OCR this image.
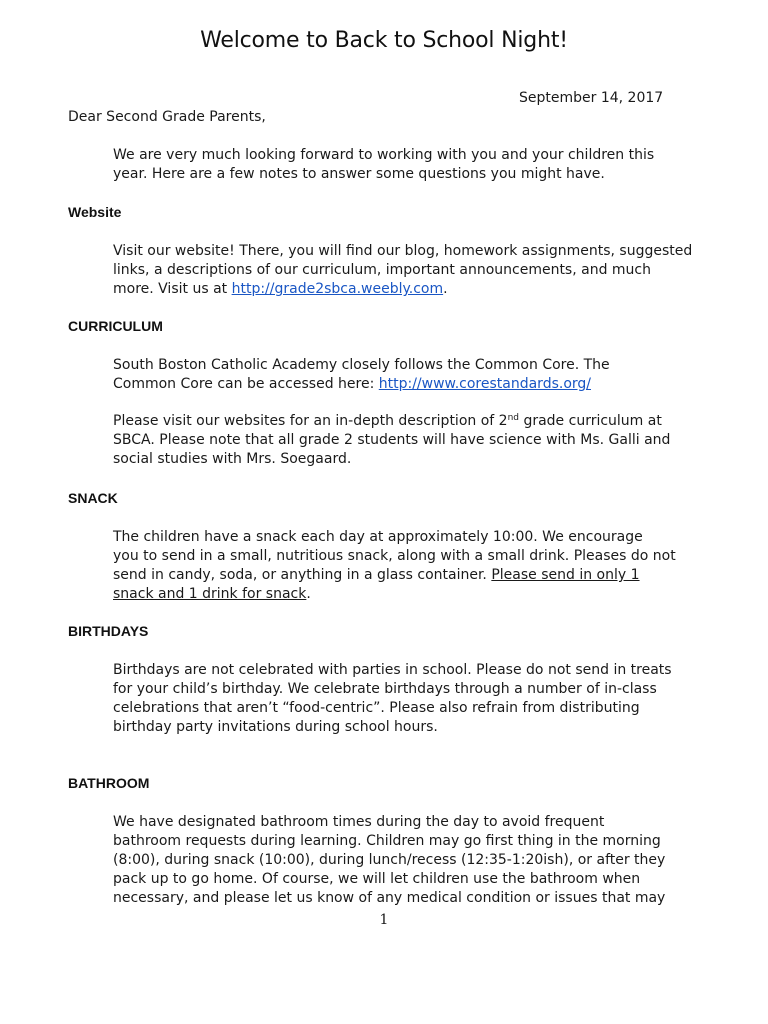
Welcome to Back to School Night!
September 14, 2017
Dear Second Grade Parents,
We are very much looking forward to working with you and your children this
year. Here are a few notes to answer some questions you might have.
Website
Visit our website! There, you will find our blog, homework assignments, suggested
links, a descriptions of our curriculum, important announcements, and much
more. Visit us at http://grade2sbca.weebly.com.
CURRICULUM
South Boston Catholic Academy closely follows the Common Core. The
Common Core can be accessed here: http://www.corestandards.org/
Please visit our websites for an in-depth description of 2nd grade curriculum at
SBCA. Please note that all grade 2 students will have science with Ms. Galli and
social studies with Mrs. Soegaard.
SNACK
The children have a snack each day at approximately 10:00. We encourage
you to send in a small, nutritious snack, along with a small drink. Pleases do not
send in candy, soda, or anything in a glass container. Please send in only 1
snack and 1 drink for snack.
BIRTHDAYS
Birthdays are not celebrated with parties in school. Please do not send in treats
for your child’s birthday. We celebrate birthdays through a number of in-class
celebrations that aren’t “food-centric”. Please also refrain from distributing
birthday party invitations during school hours.
BATHROOM
We have designated bathroom times during the day to avoid frequent
bathroom requests during learning. Children may go first thing in the morning
(8:00), during snack (10:00), during lunch/recess (12:35-1:20ish), or after they
pack up to go home. Of course, we will let children use the bathroom when
necessary, and please let us know of any medical condition or issues that may
1
